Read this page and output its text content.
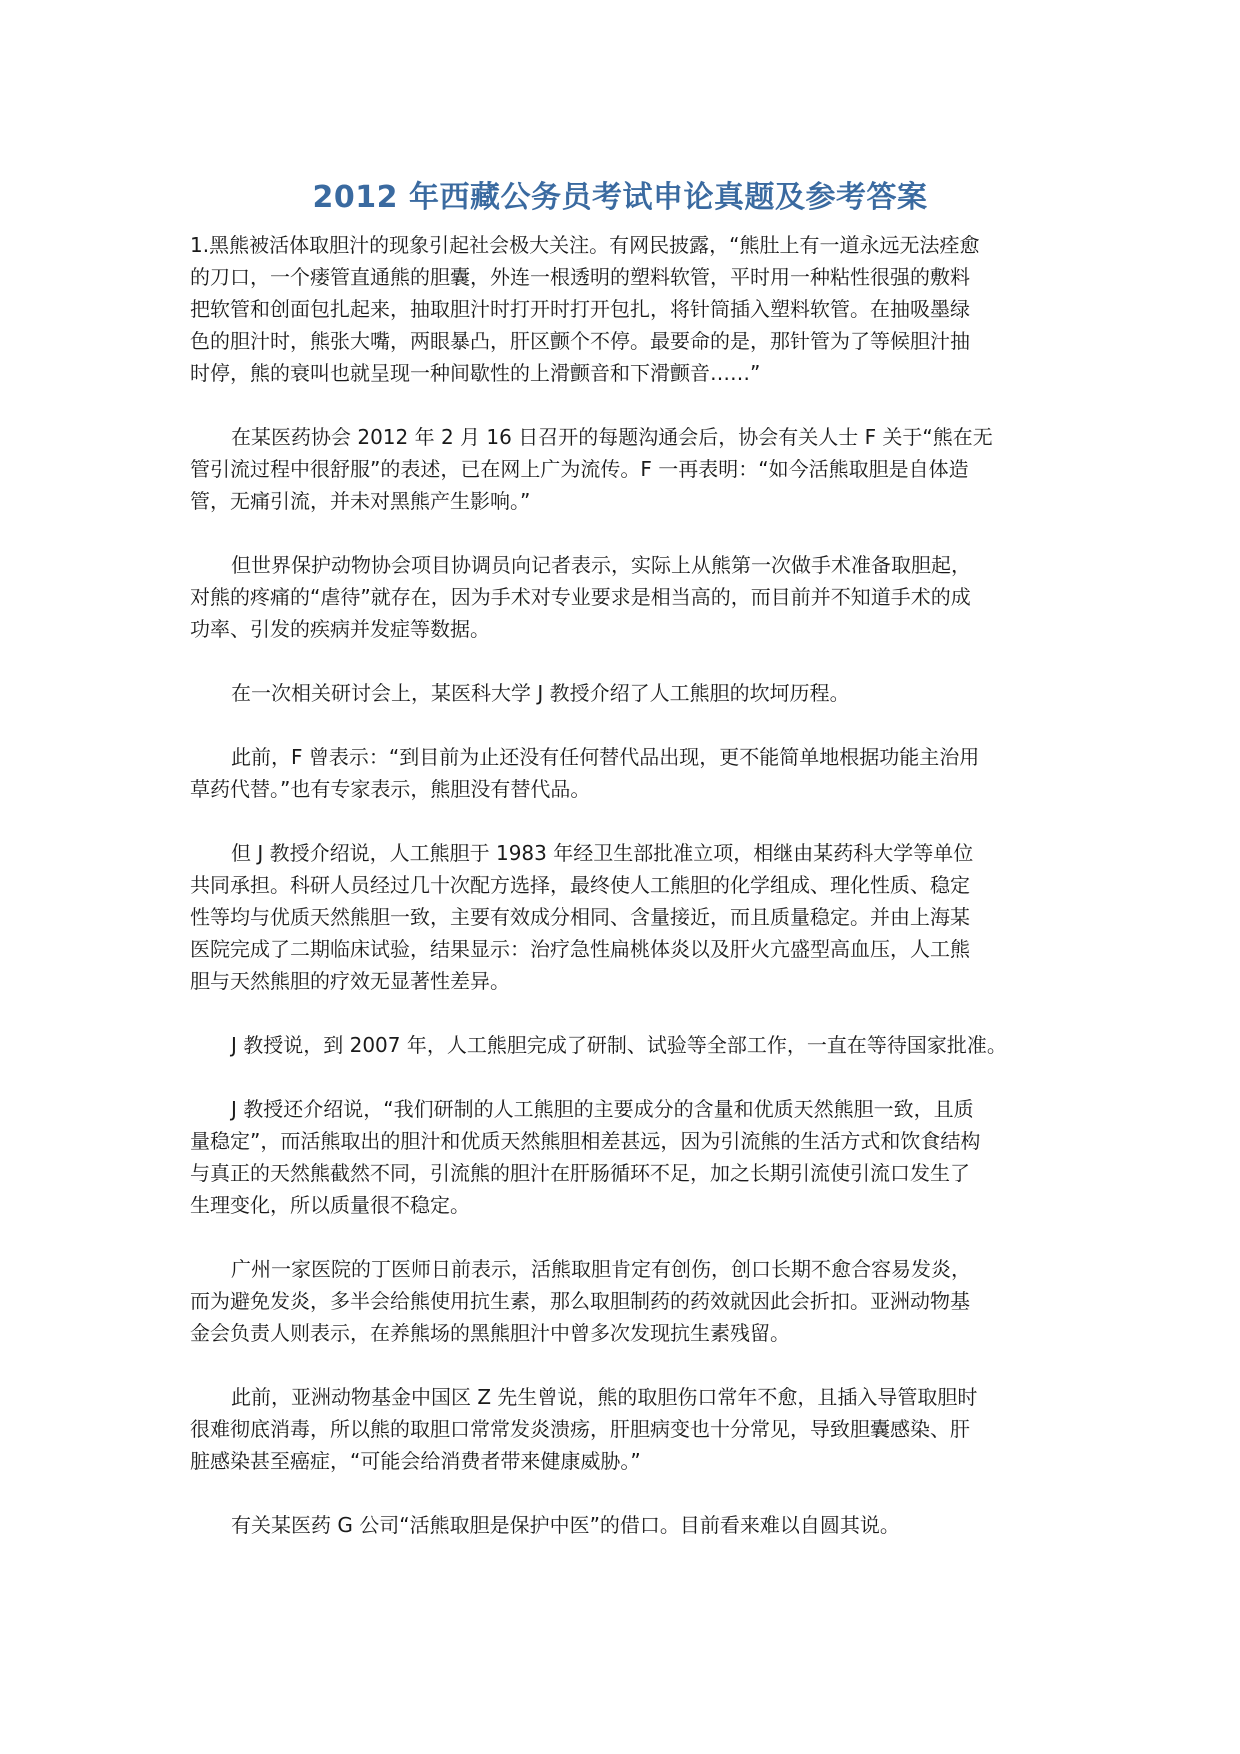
2012 年西藏公务员考试申论真题及参考答案
1.黑熊被活体取胆汁的现象引起社会极大关注。有网民披露，“熊肚上有一道永远无法痊愈
的刀口，一个瘘管直通熊的胆囊，外连一根透明的塑料软管，平时用一种粘性很强的敷料
把软管和创面包扎起来，抽取胆汁时打开时打开包扎，将针筒插入塑料软管。在抽吸墨绿
色的胆汁时，熊张大嘴，两眼暴凸，肝区颤个不停。最要命的是，那针管为了等候胆汁抽
时停，熊的衰叫也就呈现一种间歇性的上滑颤音和下滑颤音……”
在某医药协会 2012 年 2 月 16 日召开的每题沟通会后，协会有关人士 F 关于“熊在无
管引流过程中很舒服”的表述，已在网上广为流传。F 一再表明：“如今活熊取胆是自体造
管，无痛引流，并未对黑熊产生影响。”
但世界保护动物协会项目协调员向记者表示，实际上从熊第一次做手术准备取胆起，
对熊的疼痛的“虐待”就存在，因为手术对专业要求是相当高的，而目前并不知道手术的成
功率、引发的疾病并发症等数据。
在一次相关研讨会上，某医科大学 J 教授介绍了人工熊胆的坎坷历程。
此前，F 曾表示：“到目前为止还没有任何替代品出现，更不能简单地根据功能主治用
草药代替。”也有专家表示，熊胆没有替代品。
但 J 教授介绍说，人工熊胆于 1983 年经卫生部批准立项，相继由某药科大学等单位
共同承担。科研人员经过几十次配方选择，最终使人工熊胆的化学组成、理化性质、稳定
性等均与优质天然熊胆一致，主要有效成分相同、含量接近，而且质量稳定。并由上海某
医院完成了二期临床试验，结果显示：治疗急性扁桃体炎以及肝火亢盛型高血压，人工熊
胆与天然熊胆的疗效无显著性差异。
J 教授说，到 2007 年，人工熊胆完成了研制、试验等全部工作，一直在等待国家批准。
J 教授还介绍说，“我们研制的人工熊胆的主要成分的含量和优质天然熊胆一致，且质
量稳定”，而活熊取出的胆汁和优质天然熊胆相差甚远，因为引流熊的生活方式和饮食结构
与真正的天然熊截然不同，引流熊的胆汁在肝肠循环不足，加之长期引流使引流口发生了
生理变化，所以质量很不稳定。
广州一家医院的丁医师日前表示，活熊取胆肯定有创伤，创口长期不愈合容易发炎，
而为避免发炎，多半会给熊使用抗生素，那么取胆制药的药效就因此会折扣。亚洲动物基
金会负责人则表示，在养熊场的黑熊胆汁中曾多次发现抗生素残留。
此前，亚洲动物基金中国区 Z 先生曾说，熊的取胆伤口常年不愈，且插入导管取胆时
很难彻底消毒，所以熊的取胆口常常发炎溃疡，肝胆病变也十分常见，导致胆囊感染、肝
脏感染甚至癌症，“可能会给消费者带来健康威胁。”
有关某医药 G 公司“活熊取胆是保护中医”的借口。目前看来难以自圆其说。
